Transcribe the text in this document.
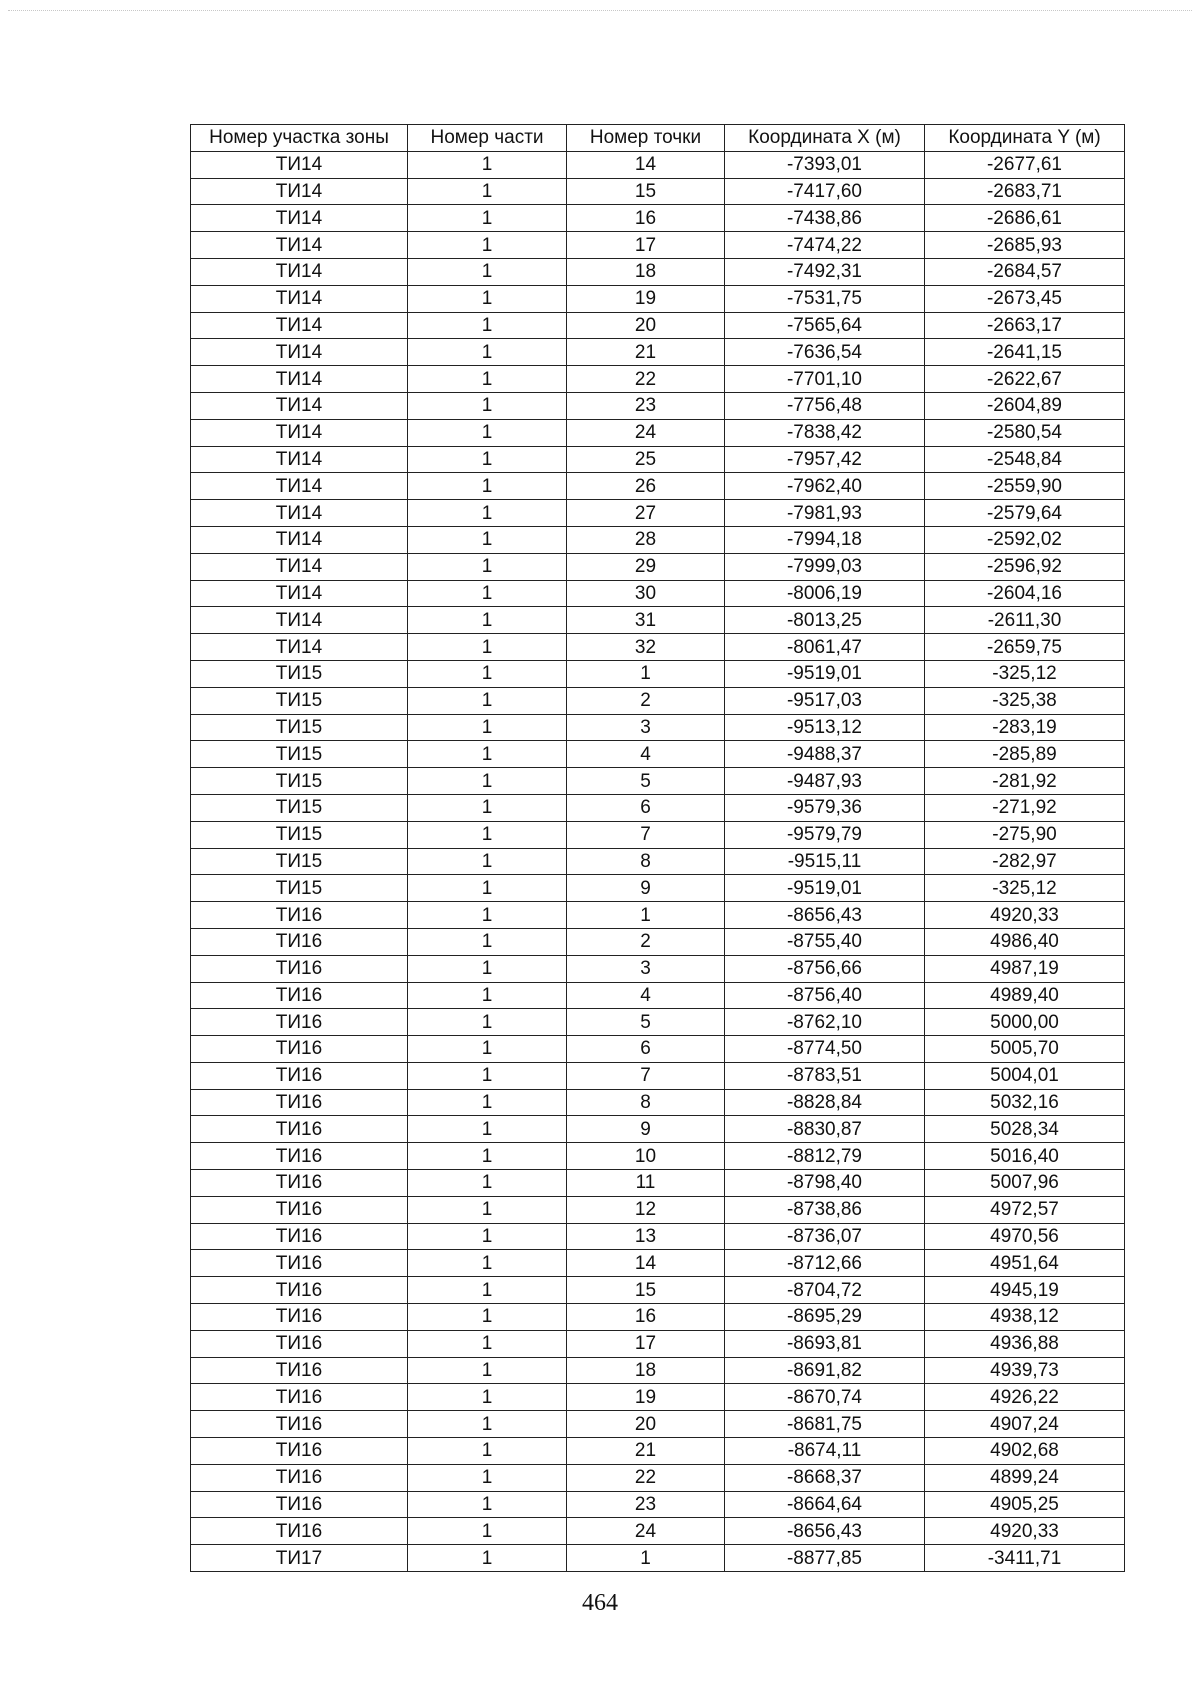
Номер участка зоны	Номер части	Номер точки	Координата X (м)	Координата Y (м)
ТИ14	1	14	-7393,01	-2677,61
ТИ14	1	15	-7417,60	-2683,71
ТИ14	1	16	-7438,86	-2686,61
ТИ14	1	17	-7474,22	-2685,93
ТИ14	1	18	-7492,31	-2684,57
ТИ14	1	19	-7531,75	-2673,45
ТИ14	1	20	-7565,64	-2663,17
ТИ14	1	21	-7636,54	-2641,15
ТИ14	1	22	-7701,10	-2622,67
ТИ14	1	23	-7756,48	-2604,89
ТИ14	1	24	-7838,42	-2580,54
ТИ14	1	25	-7957,42	-2548,84
ТИ14	1	26	-7962,40	-2559,90
ТИ14	1	27	-7981,93	-2579,64
ТИ14	1	28	-7994,18	-2592,02
ТИ14	1	29	-7999,03	-2596,92
ТИ14	1	30	-8006,19	-2604,16
ТИ14	1	31	-8013,25	-2611,30
ТИ14	1	32	-8061,47	-2659,75
ТИ15	1	1	-9519,01	-325,12
ТИ15	1	2	-9517,03	-325,38
ТИ15	1	3	-9513,12	-283,19
ТИ15	1	4	-9488,37	-285,89
ТИ15	1	5	-9487,93	-281,92
ТИ15	1	6	-9579,36	-271,92
ТИ15	1	7	-9579,79	-275,90
ТИ15	1	8	-9515,11	-282,97
ТИ15	1	9	-9519,01	-325,12
ТИ16	1	1	-8656,43	4920,33
ТИ16	1	2	-8755,40	4986,40
ТИ16	1	3	-8756,66	4987,19
ТИ16	1	4	-8756,40	4989,40
ТИ16	1	5	-8762,10	5000,00
ТИ16	1	6	-8774,50	5005,70
ТИ16	1	7	-8783,51	5004,01
ТИ16	1	8	-8828,84	5032,16
ТИ16	1	9	-8830,87	5028,34
ТИ16	1	10	-8812,79	5016,40
ТИ16	1	11	-8798,40	5007,96
ТИ16	1	12	-8738,86	4972,57
ТИ16	1	13	-8736,07	4970,56
ТИ16	1	14	-8712,66	4951,64
ТИ16	1	15	-8704,72	4945,19
ТИ16	1	16	-8695,29	4938,12
ТИ16	1	17	-8693,81	4936,88
ТИ16	1	18	-8691,82	4939,73
ТИ16	1	19	-8670,74	4926,22
ТИ16	1	20	-8681,75	4907,24
ТИ16	1	21	-8674,11	4902,68
ТИ16	1	22	-8668,37	4899,24
ТИ16	1	23	-8664,64	4905,25
ТИ16	1	24	-8656,43	4920,33
ТИ17	1	1	-8877,85	-3411,71
464
